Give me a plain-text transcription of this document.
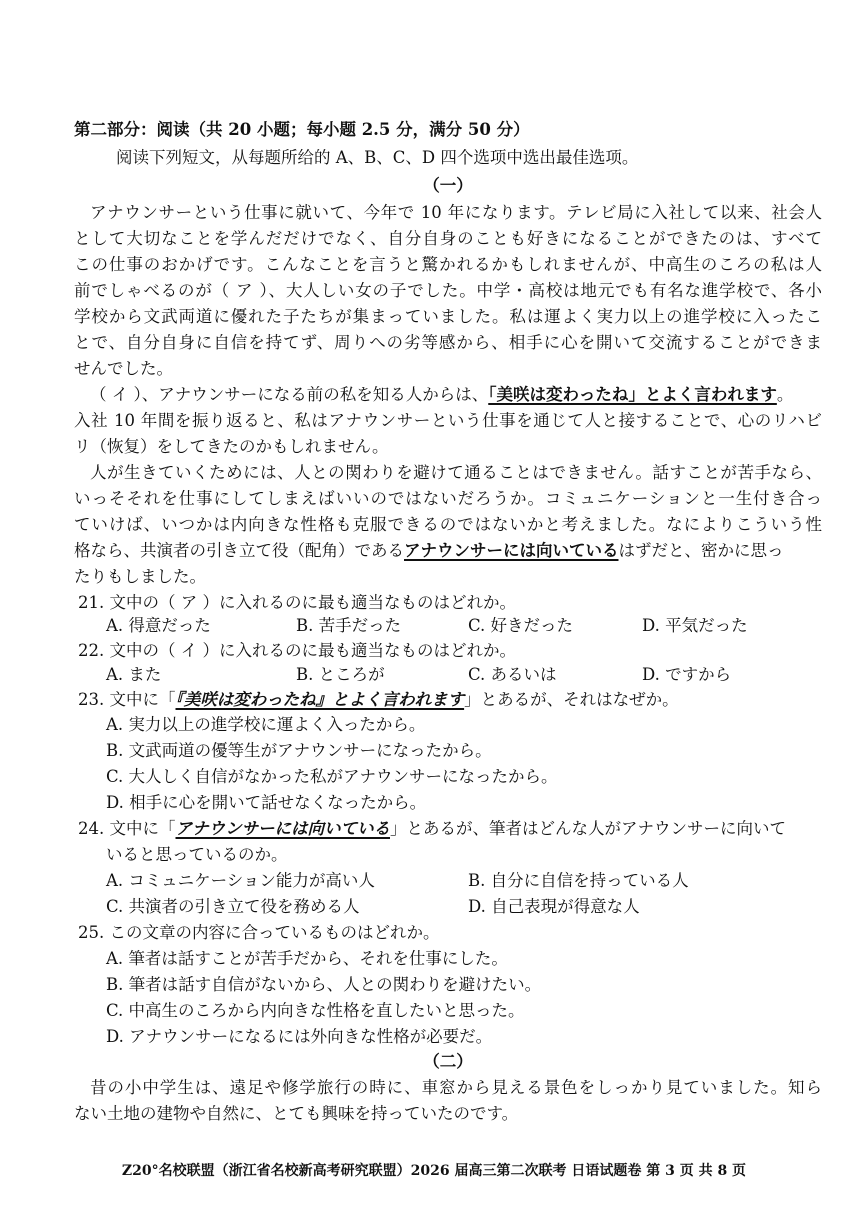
第二部分：阅读（共 20 小题；每小题 2.5 分，满分 50 分）
阅读下列短文，从每题所给的 A、B、C、D 四个选项中选出最佳选项。
（一）
アナウンサーという仕事に就いて、今年で 10 年になります。テレビ局に入社して以来、社会人
として大切なことを学んだだけでなく、自分自身のことも好きになることができたのは、すべて
この仕事のおかげです。こんなことを言うと驚かれるかもしれませんが、中高生のころの私は人
前でしゃべるのが（ ア ）、大人しい女の子でした。中学・高校は地元でも有名な進学校で、各小
学校から文武両道に優れた子たちが集まっていました。私は運よく実力以上の進学校に入ったこ
とで、自分自身に自信を持てず、周りへの劣等感から、相手に心を開いて交流することができま
せんでした。
（ イ ）、アナウンサーになる前の私を知る人からは、「美咲は変わったね」とよく言われます。
入社 10 年間を振り返ると、私はアナウンサーという仕事を通じて人と接することで、心のリハビ
リ（恢复）をしてきたのかもしれません。
人が生きていくためには、人との関わりを避けて通ることはできません。話すことが苦手なら、
いっそそれを仕事にしてしまえばいいのではないだろうか。コミュニケーションと一生付き合っ
ていけば、いつかは内向きな性格も克服できるのではないかと考えました。なによりこういう性
格なら、共演者の引き立て役（配角）であるアナウンサーには向いているはずだと、密かに思っ
たりもしました。
21. 文中の（ ア ）に入れるのに最も適当なものはどれか。
A. 得意だった	B. 苦手だった	C. 好きだった	D. 平気だった
22. 文中の（ イ ）に入れるのに最も適当なものはどれか。
A. また	B. ところが	C. あるいは	D. ですから
23. 文中に「『美咲は変わったね』とよく言われます」とあるが、それはなぜか。
A. 実力以上の進学校に運よく入ったから。
B. 文武両道の優等生がアナウンサーになったから。
C. 大人しく自信がなかった私がアナウンサーになったから。
D. 相手に心を開いて話せなくなったから。
24. 文中に「アナウンサーには向いている」とあるが、筆者はどんな人がアナウンサーに向いて
いると思っているのか。
A. コミュニケーション能力が高い人	B. 自分に自信を持っている人
C. 共演者の引き立て役を務める人	D. 自己表現が得意な人
25. この文章の内容に合っているものはどれか。
A. 筆者は話すことが苦手だから、それを仕事にした。
B. 筆者は話す自信がないから、人との関わりを避けたい。
C. 中高生のころから内向きな性格を直したいと思った。
D. アナウンサーになるには外向きな性格が必要だ。
（二）
昔の小中学生は、遠足や修学旅行の時に、車窓から見える景色をしっかり見ていました。知ら
ない土地の建物や自然に、とても興味を持っていたのです。
Z20°名校联盟（浙江省名校新高考研究联盟）2026 届高三第二次联考 日语试题卷 第 3 页 共 8 页
